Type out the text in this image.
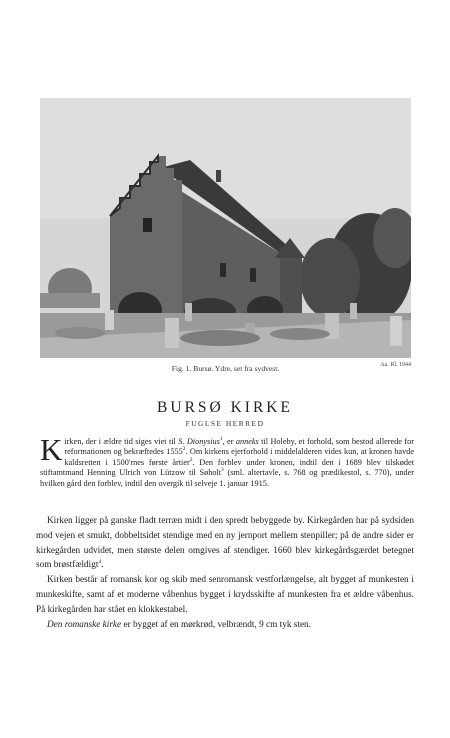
Fig. 1. Bursø. Ydre, set fra sydvest.	Aa. Rl. 1944
BURSØ KIRKE
FUGLSE HERRED
Kirken, der i ældre tid siges viet til S. Dionysius$^1$, er anneks til Holeby, et forhold, som bestod allerede for reformationen og bekræftedes 1555$^2$. Om kirkens ejerforhold i middelalderen vides kun, at kronen havde kaldsretten i 1500'rnes første årtier$^2$. Den forblev under kronen, indtil den i 1689 blev tilskødet stiftamtmand Henning Ulrich von Lützow til Søholt$^3$ (sml. altertavle, s. 768 og prædikestol, s. 770), under hvilken gård den forblev, indtil den overgik til selveje 1. januar 1915.

Kirken ligger på ganske fladt terræn midt i den spredt bebyggede by. Kirkegården har på sydsiden mod vejen et smukt, dobbeltsidet stendige med en ny jernport mellem stenpiller; på de andre sider er kirkegården udvidet, men største delen omgives af stendiger. 1660 blev kirkegårdsgærdet betegnet som brøstfældigt$^4$.

Kirken består af romansk kor og skib med senromansk vestforlængelse, alt bygget af munkesten i munkeskifte, samt af et moderne våbenhus bygget i krydsskifte af munkesten fra et ældre våbenhus. På kirkegården har stået en klokkestabel.

Den romanske kirke er bygget af en mørkrød, velbrændt, 9 cm tyk sten.
